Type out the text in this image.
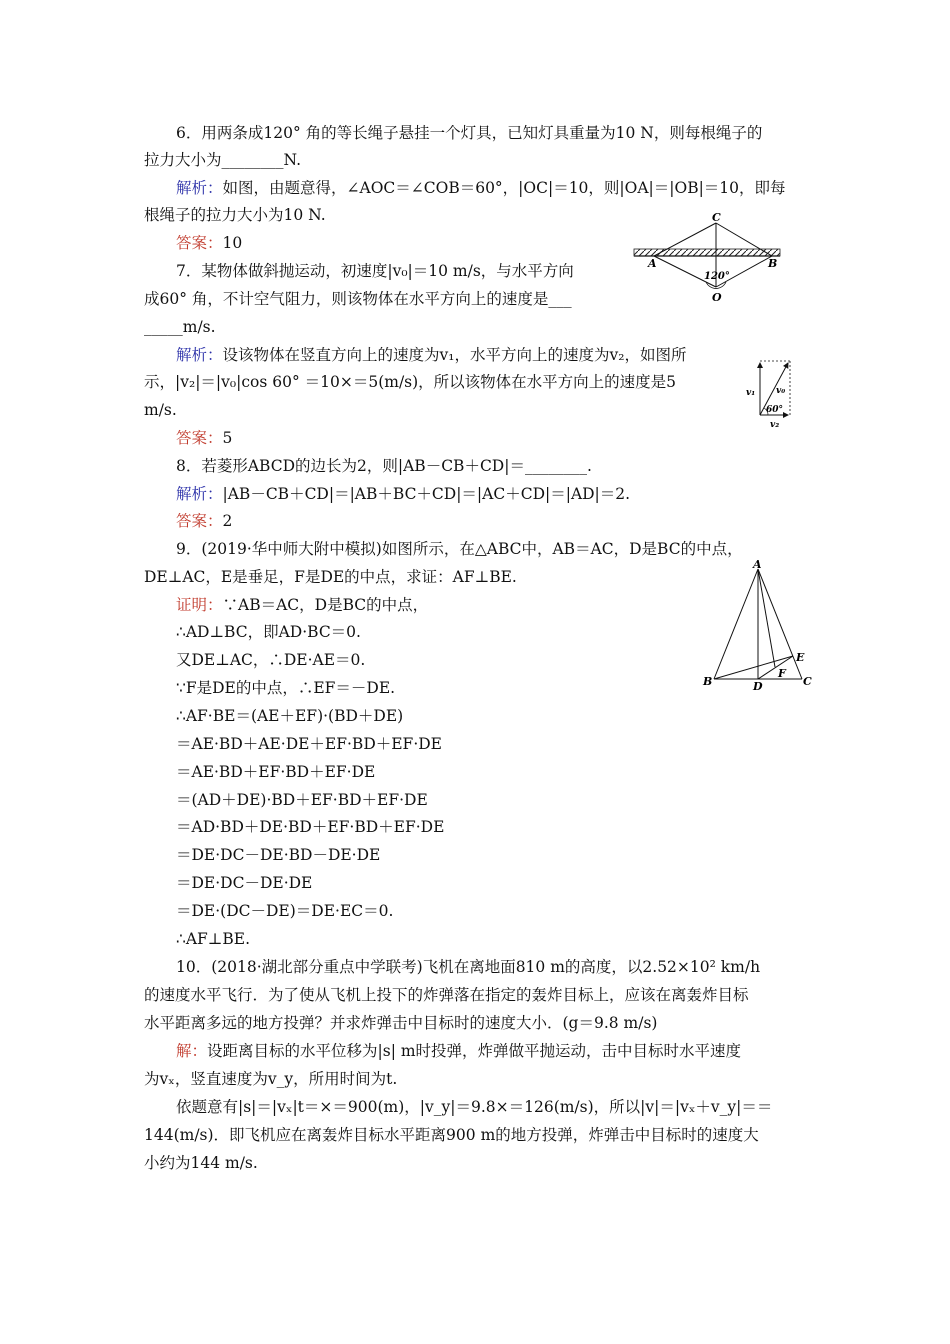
6．用两条成120° 角的等长绳子悬挂一个灯具，已知灯具重量为10 N，则每根绳子的
拉力大小为________N.
解析：如图，由题意得，∠AOC＝∠COB＝60°，|OC|＝10，则|OA|＝|OB|＝10，即每
根绳子的拉力大小为10 N.
答案：10
7．某物体做斜抛运动，初速度|v₀|＝10 m/s，与水平方向
成60° 角，不计空气阻力，则该物体在水平方向上的速度是___
_____m/s.
解析：设该物体在竖直方向上的速度为v₁，水平方向上的速度为v₂，如图所
示，|v₂|＝|v₀|cos 60° ＝10×＝5(m/s)，所以该物体在水平方向上的速度是5
m/s.
答案：5
8．若菱形ABCD的边长为2，则|AB－CB＋CD|＝________.
解析：|AB－CB＋CD|＝|AB＋BC＋CD|＝|AC＋CD|＝|AD|＝2.
答案：2
9．(2019·华中师大附中模拟)如图所示，在△ABC中，AB＝AC，D是BC的中点，
DE⊥AC，E是垂足，F是DE的中点，求证：AF⊥BE.
证明：∵AB＝AC，D是BC的中点，
∴AD⊥BC，即AD·BC＝0.
又DE⊥AC，∴DE·AE＝0.
∵F是DE的中点，∴EF＝－DE.
∴AF·BE＝(AE＋EF)·(BD＋DE)
＝AE·BD＋AE·DE＋EF·BD＋EF·DE
＝AE·BD＋EF·BD＋EF·DE
＝(AD＋DE)·BD＋EF·BD＋EF·DE
＝AD·BD＋DE·BD＋EF·BD＋EF·DE
＝DE·DC－DE·BD－DE·DE
＝DE·DC－DE·DE
＝DE·(DC－DE)＝DE·EC＝0.
∴AF⊥BE.
10．(2018·湖北部分重点中学联考)飞机在离地面810 m的高度，以2.52×10² km/h
的速度水平飞行．为了使从飞机上投下的炸弹落在指定的轰炸目标上，应该在离轰炸目标
水平距离多远的地方投弹？并求炸弹击中目标时的速度大小．(g＝9.8 m/s)
解：设距离目标的水平位移为|s| m时投弹，炸弹做平抛运动，击中目标时水平速度
为vₓ，竖直速度为v_y，所用时间为t.
依题意有|s|＝|vₓ|t＝×＝900(m)，|v_y|＝9.8×＝126(m/s)，所以|v|＝|vₓ＋v_y|＝＝
144(m/s)．即飞机应在离轰炸目标水平距离900 m的地方投弹，炸弹击中目标时的速度大
小约为144 m/s.
C
A	B
O
120°
v₁ v₀
60°
v₂
A
B	C
D
E
F
